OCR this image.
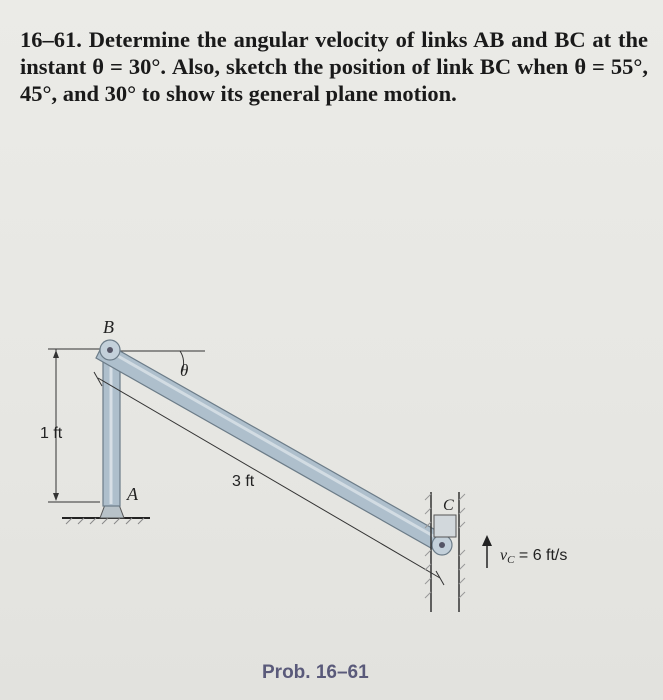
16–61. Determine the angular velocity of links AB and BC at the instant θ = 30°. Also, sketch the position of link BC when θ = 55°, 45°, and 30° to show its general plane motion.

B
A
C
θ
1 ft
3 ft
vC = 6 ft/s
Prob. 16–61
